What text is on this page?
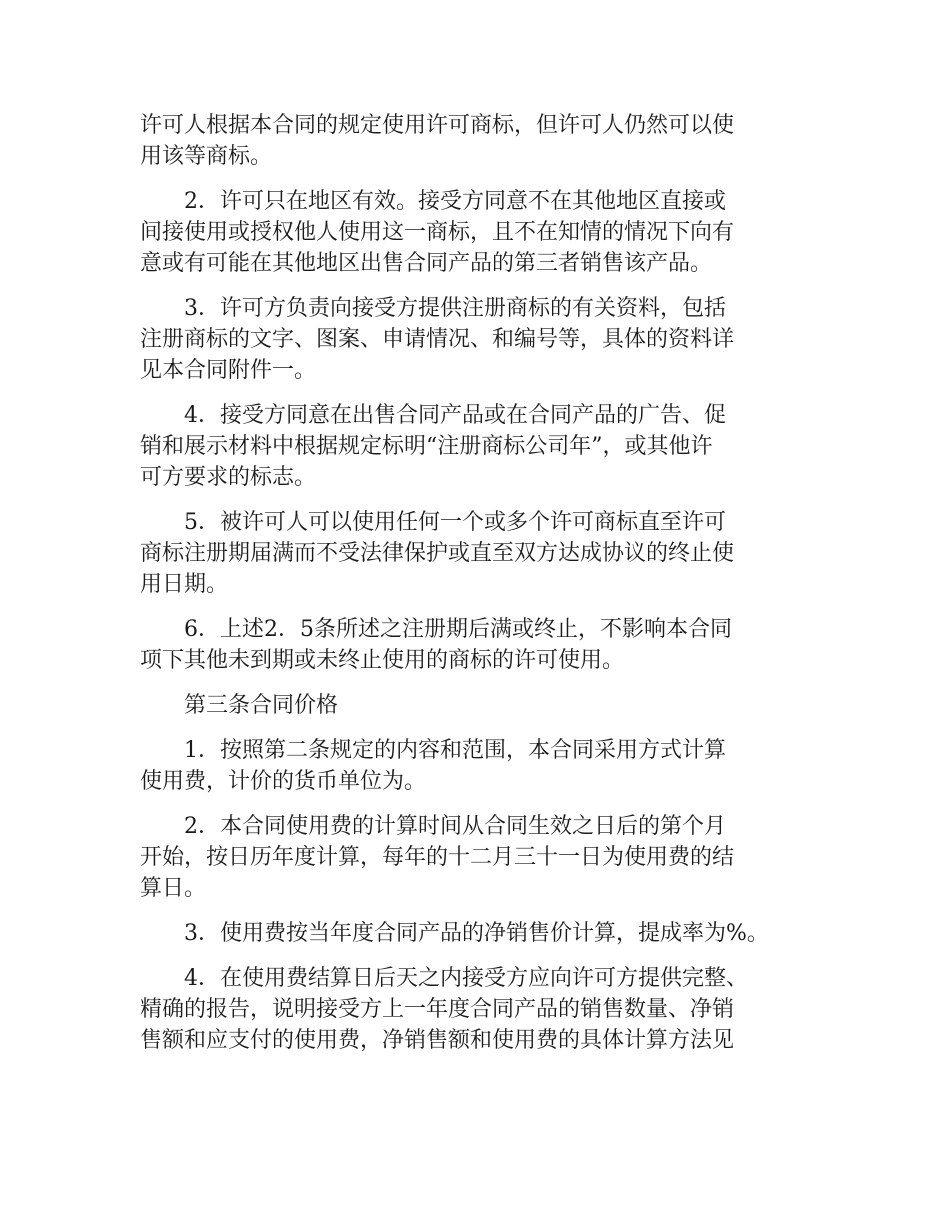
许可人根据本合同的规定使用许可商标，但许可人仍然可以使
用该等商标。

2．许可只在地区有效。接受方同意不在其他地区直接或
间接使用或授权他人使用这一商标，且不在知情的情况下向有
意或有可能在其他地区出售合同产品的第三者销售该产品。

3．许可方负责向接受方提供注册商标的有关资料，包括
注册商标的文字、图案、申请情况、和编号等，具体的资料详
见本合同附件一。

4．接受方同意在出售合同产品或在合同产品的广告、促
销和展示材料中根据规定标明“注册商标公司年”，或其他许
可方要求的标志。

5．被许可人可以使用任何一个或多个许可商标直至许可
商标注册期届满而不受法律保护或直至双方达成协议的终止使
用日期。

6．上述2．5条所述之注册期后满或终止，不影响本合同
项下其他未到期或未终止使用的商标的许可使用。

第三条合同价格

1．按照第二条规定的内容和范围，本合同采用方式计算
使用费，计价的货币单位为。

2．本合同使用费的计算时间从合同生效之日后的第个月
开始，按日历年度计算，每年的十二月三十一日为使用费的结
算日。

3．使用费按当年度合同产品的净销售价计算，提成率为%。

4．在使用费结算日后天之内接受方应向许可方提供完整、
精确的报告，说明接受方上一年度合同产品的销售数量、净销
售额和应支付的使用费，净销售额和使用费的具体计算方法见
